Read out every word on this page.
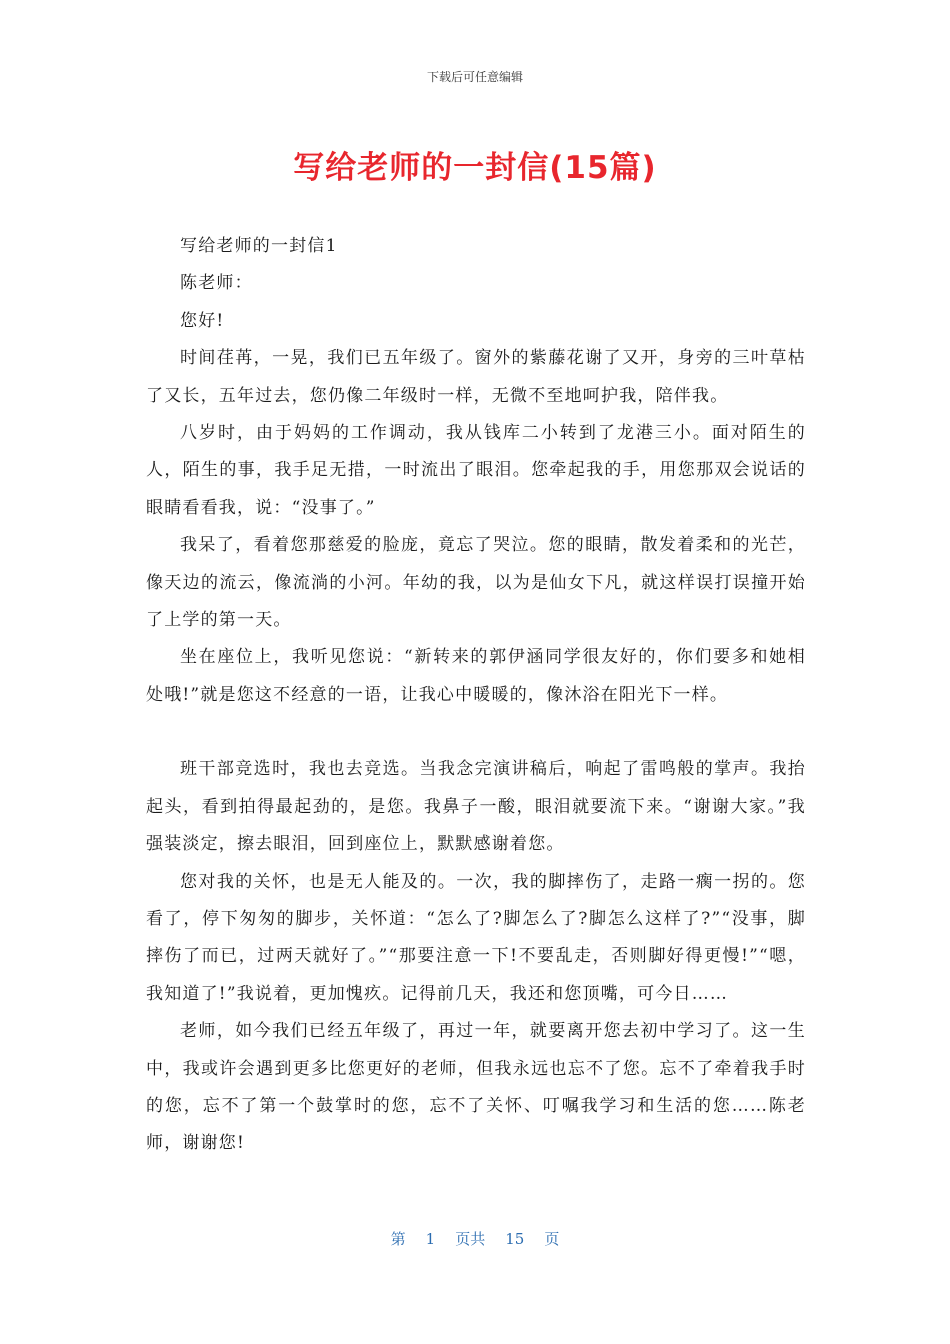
下载后可任意编辑
写给老师的一封信(15篇)

写给老师的一封信1

陈老师：

您好!

时间荏苒，一晃，我们已五年级了。窗外的紫藤花谢了又开，身旁的三叶草枯了又长，五年过去，您仍像二年级时一样，无微不至地呵护我，陪伴我。

八岁时，由于妈妈的工作调动，我从钱库二小转到了龙港三小。面对陌生的人，陌生的事，我手足无措，一时流出了眼泪。您牵起我的手，用您那双会说话的眼睛看看我，说：“没事了。”

我呆了，看着您那慈爱的脸庞，竟忘了哭泣。您的眼睛，散发着柔和的光芒，像天边的流云，像流淌的小河。年幼的我，以为是仙女下凡，就这样误打误撞开始了上学的第一天。

坐在座位上，我听见您说：“新转来的郭伊涵同学很友好的，你们要多和她相处哦!”就是您这不经意的一语，让我心中暖暖的，像沐浴在阳光下一样。

班干部竞选时，我也去竞选。当我念完演讲稿后，响起了雷鸣般的掌声。我抬起头，看到拍得最起劲的，是您。我鼻子一酸，眼泪就要流下来。“谢谢大家。”我强装淡定，擦去眼泪，回到座位上，默默感谢着您。

您对我的关怀，也是无人能及的。一次，我的脚摔伤了，走路一瘸一拐的。您看了，停下匆匆的脚步，关怀道：“怎么了?脚怎么了?脚怎么这样了?”“没事，脚摔伤了而已，过两天就好了。”“那要注意一下!不要乱走，否则脚好得更慢!”“嗯，我知道了!”我说着，更加愧疚。记得前几天，我还和您顶嘴，可今日……

老师，如今我们已经五年级了，再过一年，就要离开您去初中学习了。这一生中，我或许会遇到更多比您更好的老师，但我永远也忘不了您。忘不了牵着我手时的您，忘不了第一个鼓掌时的您，忘不了关怀、叮嘱我学习和生活的您……陈老师，谢谢您!

第 1 页共 15 页
